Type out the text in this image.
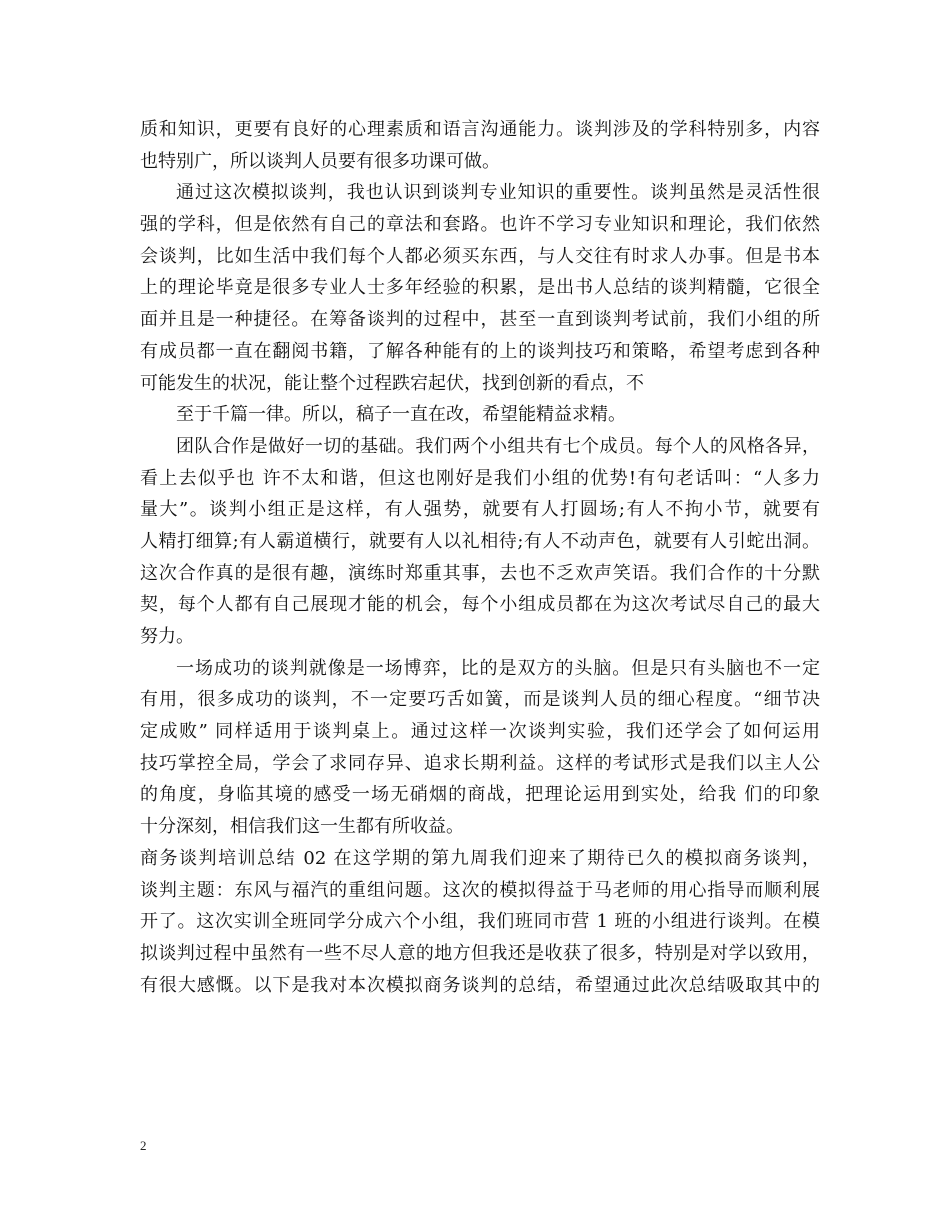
质和知识，更要有良好的心理素质和语言沟通能力。谈判涉及的学科特别多，内容
也特别广，所以谈判人员要有很多功课可做。
通过这次模拟谈判，我也认识到谈判专业知识的重要性。谈判虽然是灵活性很
强的学科，但是依然有自己的章法和套路。也许不学习专业知识和理论，我们依然
会谈判，比如生活中我们每个人都必须买东西，与人交往有时求人办事。但是书本
上的理论毕竟是很多专业人士多年经验的积累，是出书人总结的谈判精髓，它很全
面并且是一种捷径。在筹备谈判的过程中，甚至一直到谈判考试前，我们小组的所
有成员都一直在翻阅书籍，了解各种能有的上的谈判技巧和策略，希望考虑到各种
可能发生的状况，能让整个过程跌宕起伏，找到创新的看点，不
至于千篇一律。所以，稿子一直在改，希望能精益求精。
团队合作是做好一切的基础。我们两个小组共有七个成员。每个人的风格各异，
看上去似乎也 许不太和谐，但这也刚好是我们小组的优势!有句老话叫：“人多力
量大”。谈判小组正是这样，有人强势，就要有人打圆场;有人不拘小节，就要有
人精打细算;有人霸道横行，就要有人以礼相待;有人不动声色，就要有人引蛇出洞。
这次合作真的是很有趣，演练时郑重其事，去也不乏欢声笑语。我们合作的十分默
契，每个人都有自己展现才能的机会，每个小组成员都在为这次考试尽自己的最大
努力。
一场成功的谈判就像是一场博弈，比的是双方的头脑。但是只有头脑也不一定
有用，很多成功的谈判，不一定要巧舌如簧，而是谈判人员的细心程度。“细节决
定成败” 同样适用于谈判桌上。通过这样一次谈判实验，我们还学会了如何运用
技巧掌控全局，学会了求同存异、追求长期利益。这样的考试形式是我们以主人公
的角度，身临其境的感受一场无硝烟的商战，把理论运用到实处，给我 们的印象
十分深刻，相信我们这一生都有所收益。
商务谈判培训总结 02 在这学期的第九周我们迎来了期待已久的模拟商务谈判，
谈判主题：东风与福汽的重组问题。这次的模拟得益于马老师的用心指导而顺利展
开了。这次实训全班同学分成六个小组，我们班同市营 1 班的小组进行谈判。在模
拟谈判过程中虽然有一些不尽人意的地方但我还是收获了很多，特别是对学以致用，
有很大感慨。以下是我对本次模拟商务谈判的总结，希望通过此次总结吸取其中的
2
